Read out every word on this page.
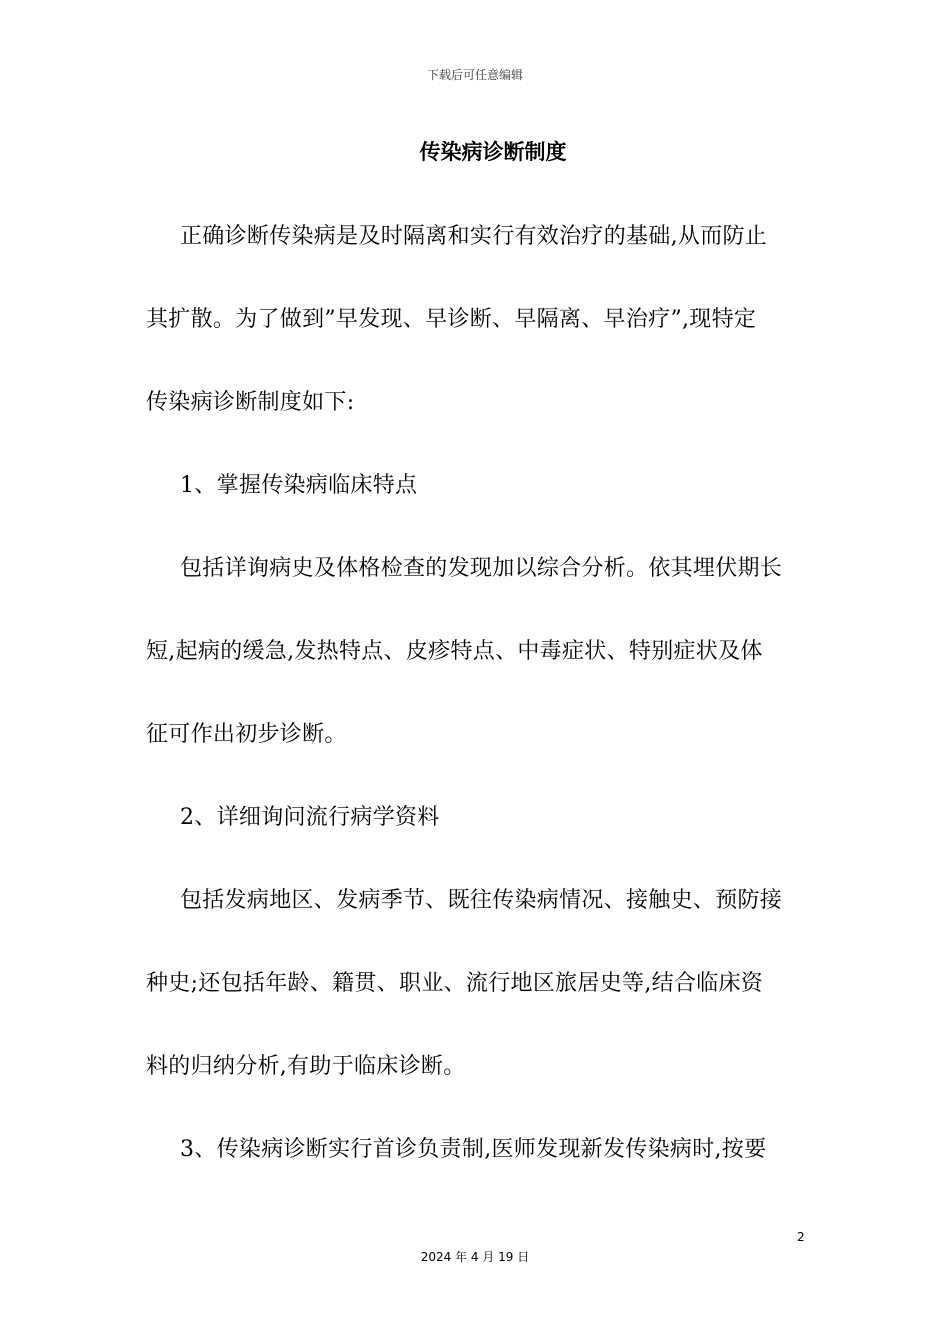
下载后可任意编辑
传染病诊断制度

正确诊断传染病是及时隔离和实行有效治疗的基础,从而防止

其扩散。为了做到”早发现、早诊断、早隔离、早治疗”,现特定

传染病诊断制度如下:

1、掌握传染病临床特点

包括详询病史及体格检查的发现加以综合分析。依其埋伏期长

短,起病的缓急,发热特点、皮疹特点、中毒症状、特别症状及体

征可作出初步诊断。

2、详细询问流行病学资料

包括发病地区、发病季节、既往传染病情况、接触史、预防接

种史;还包括年龄、籍贯、职业、流行地区旅居史等,结合临床资

料的归纳分析,有助于临床诊断。

3、传染病诊断实行首诊负责制,医师发现新发传染病时,按要

2
2024 年 4 月 19 日
